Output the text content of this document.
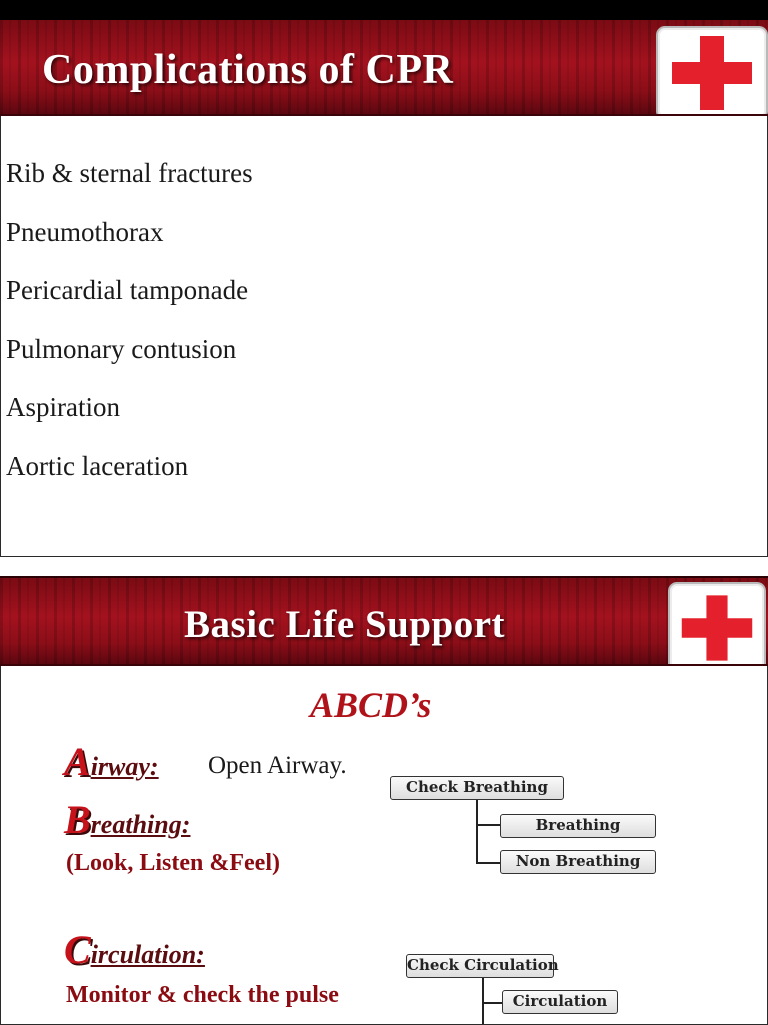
Complications of CPR
Rib & sternal fractures
Pneumothorax
Pericardial tamponade
Pulmonary contusion
Aspiration
Aortic laceration
Basic Life Support
ABCD’s
Airway: Open Airway.
Breathing:
(Look, Listen &Feel)
Circulation:
Monitor & check the pulse
Check Breathing
Breathing
Non Breathing
Check Circulation
Circulation
